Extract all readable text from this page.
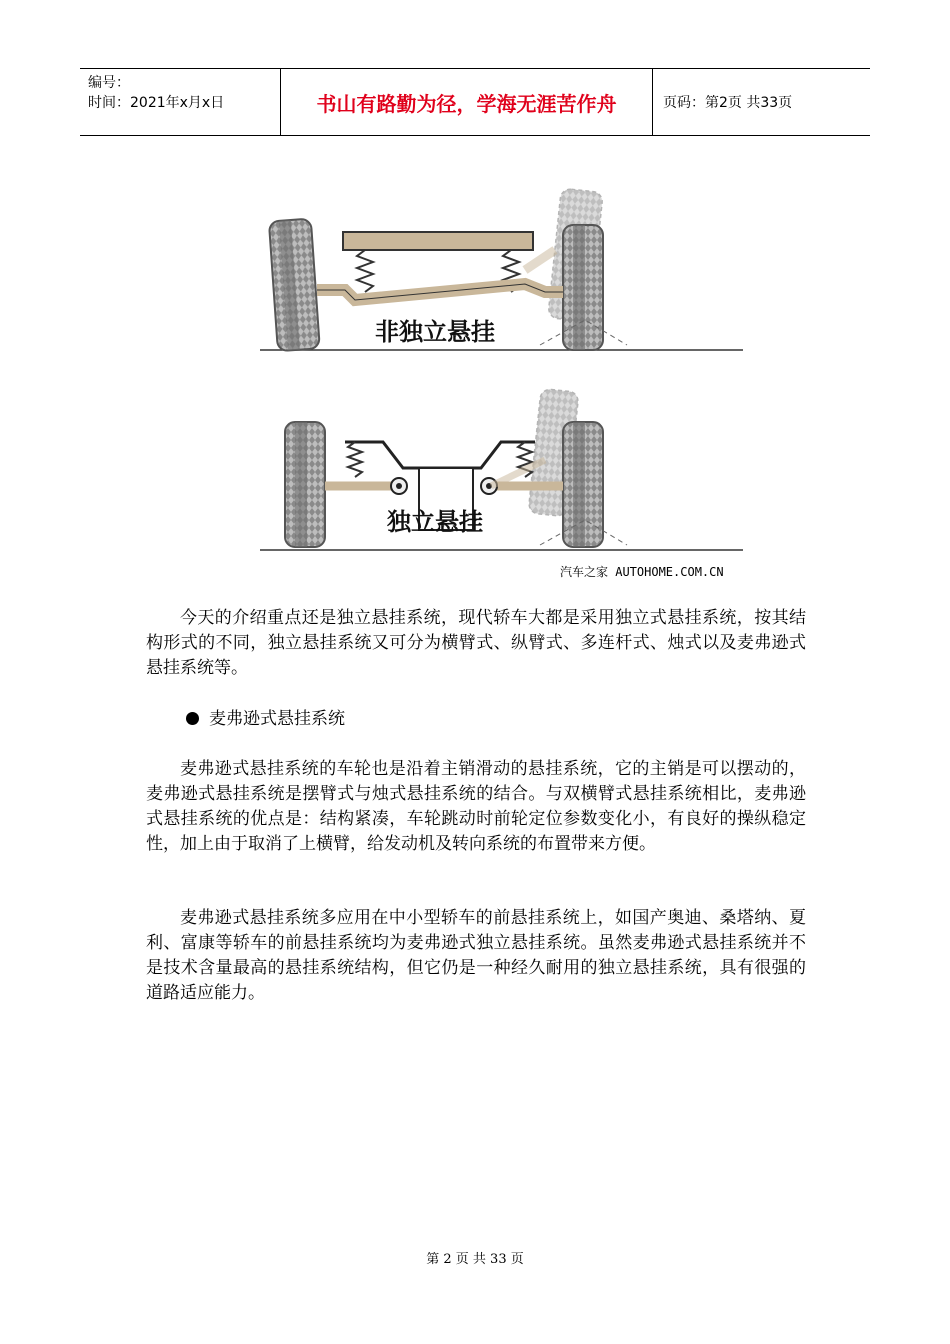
编号：
时间：2021年x月x日	书山有路勤为径，学海无涯苦作舟	页码：第2页 共33页
非独立悬挂
独立悬挂
汽车之家 AUTOHOME.COM.CN

今天的介绍重点还是独立悬挂系统，现代轿车大都是采用独立式悬挂系统，按其结构形式的不同，独立悬挂系统又可分为横臂式、纵臂式、多连杆式、烛式以及麦弗逊式悬挂系统等。

麦弗逊式悬挂系统

麦弗逊式悬挂系统的车轮也是沿着主销滑动的悬挂系统，它的主销是可以摆动的，麦弗逊式悬挂系统是摆臂式与烛式悬挂系统的结合。与双横臂式悬挂系统相比，麦弗逊式悬挂系统的优点是：结构紧凑，车轮跳动时前轮定位参数变化小，有良好的操纵稳定性，加上由于取消了上横臂，给发动机及转向系统的布置带来方便。

麦弗逊式悬挂系统多应用在中小型轿车的前悬挂系统上，如国产奥迪、桑塔纳、夏利、富康等轿车的前悬挂系统均为麦弗逊式独立悬挂系统。虽然麦弗逊式悬挂系统并不是技术含量最高的悬挂系统结构，但它仍是一种经久耐用的独立悬挂系统，具有很强的道路适应能力。

第 2 页 共 33 页
